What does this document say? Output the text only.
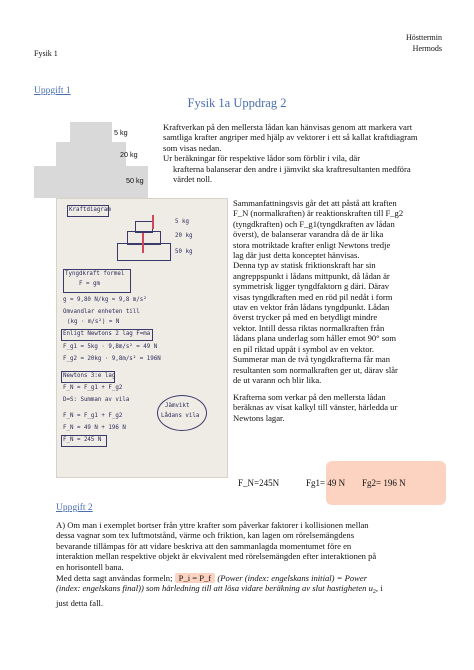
Fysik 1
Hösttermin
Hermods
Fysik 1a Uppdrag 2
Uppgift 1
5 kg
20 kg
50 kg
Kraftverkan på den mellersta lådan kan hänvisas genom att markera vart
samtliga krafter angriper med hjälp av vektorer i ett så kallat kraftdiagram
som visas nedan.
Ur beräkningar för respektive lådor som förblir i vila, där
krafterna balanserar den andre i jämvikt ska kraftresultanten medföra
värdet noll.
Kraftdiagram
5 kg
20 kg
50 kg
Tyngdkraft formel
F = gm
g = 9,80 N/kg ≈ 9,8 m/s²
Omvandlar enheten till
(kg · m/s²) = N
Enligt Newtons 2 lag F=ma
F_g1 = 5kg · 9,8m/s² = 49 N
F_g2 = 20kg · 9,8m/s² = 196N
Newtons 3:e lag
F_N = F_g1 + F_g2
D=S: Summan av vila
F_N = F_g1 + F_g2
F_N = 49 N + 196 N
F_N = 245 N
Jämvikt
Lådans vila
Sammanfattningsvis går det att påstå att kraften
F_N (normalkraften) är reaktionskraften till F_g2
(tyngdkraften) och F_g1(tyngdkraften av lådan
överst), de balanserar varandra då de är lika
stora motriktade krafter enligt Newtons tredje
lag där just detta konceptet hänvisas.
Denna typ av statisk friktionskraft har sin
angreppspunkt i lådans mittpunkt, då lådan är
symmetrisk ligger tyngdfaktorn g däri. Därav
visas tyngdkraften med en röd pil nedåt i form
utav en vektor från lådans tyngdpunkt. Lådan
överst trycker på med en betydligt mindre
vektor. Intill dessa riktas normalkraften från
lådans plana underlag som håller emot 90° som
en pil riktad uppåt i symbol av en vektor.
Summerar man de två tyngdkrafterna får man
resultanten som normalkraften ger ut, därav slår
de ut varann och blir lika.
Krafterna som verkar på den mellersta lådan
beräknas av visat kalkyl till vänster, härledda ur
Newtons lagar.
F_N=245N	Fg1= 49 N Fg2= 196 N
Uppgift 2
A) Om man i exemplet bortser från yttre krafter som påverkar faktorer i kollisionen mellan
dessa vagnar som tex luftmotstånd, värme och friktion, kan lagen om rörelsemängdens
bevarande tillämpas för att vidare beskriva att den sammanlagda momentumet före en
interaktion mellan respektive objekt är ekvivalent med rörelsemängden efter interaktionen på
en horisontell bana.
Med detta sagt användas formeln; P_i = P_f (Power (index: engelskans initial) = Power
(index: engelskans final)) som härledning till att lösa vidare beräkning av slut hastigheten $u_2$, i
just detta fall.
